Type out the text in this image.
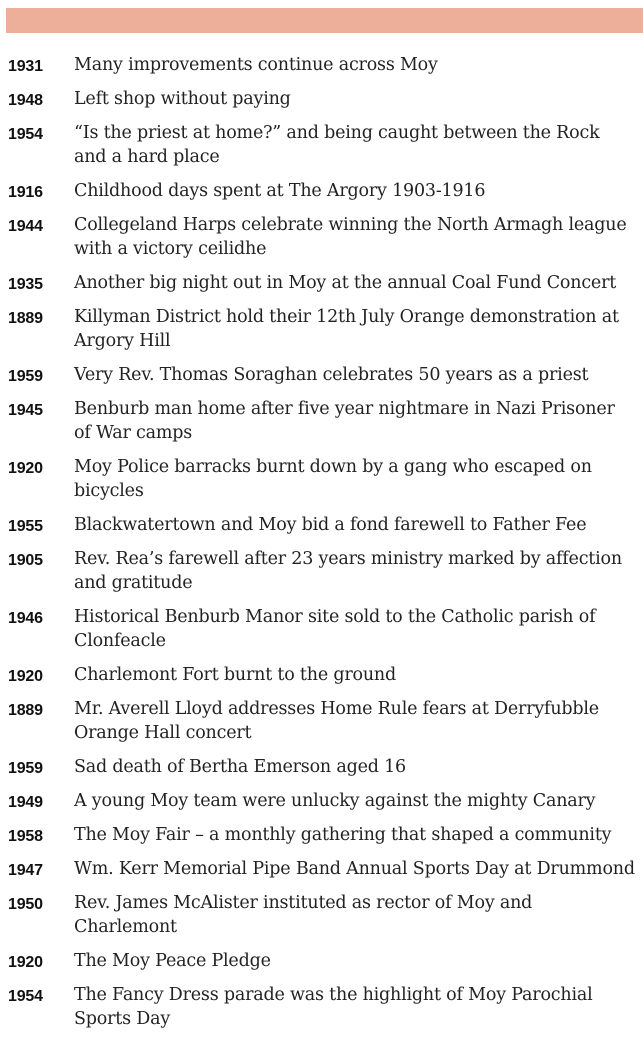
1931 Many improvements continue across Moy
1948 Left shop without paying
1954 “Is the priest at home?” and being caught between the Rock and a hard place
1916 Childhood days spent at The Argory 1903-1916
1944 Collegeland Harps celebrate winning the North Armagh league with a victory ceilidhe
1935 Another big night out in Moy at the annual Coal Fund Concert
1889 Killyman District hold their 12th July Orange demonstration at Argory Hill
1959 Very Rev. Thomas Soraghan celebrates 50 years as a priest
1945 Benburb man home after five year nightmare in Nazi Prisoner of War camps
1920 Moy Police barracks burnt down by a gang who escaped on bicycles
1955 Blackwatertown and Moy bid a fond farewell to Father Fee
1905 Rev. Rea’s farewell after 23 years ministry marked by affection and gratitude
1946 Historical Benburb Manor site sold to the Catholic parish of Clonfeacle
1920 Charlemont Fort burnt to the ground
1889 Mr. Averell Lloyd addresses Home Rule fears at Derryfubble Orange Hall concert
1959 Sad death of Bertha Emerson aged 16
1949 A young Moy team were unlucky against the mighty Canary
1958 The Moy Fair – a monthly gathering that shaped a community
1947 Wm. Kerr Memorial Pipe Band Annual Sports Day at Drummond
1950 Rev. James McAlister instituted as rector of Moy and Charlemont
1920 The Moy Peace Pledge
1954 The Fancy Dress parade was the highlight of Moy Parochial Sports Day
